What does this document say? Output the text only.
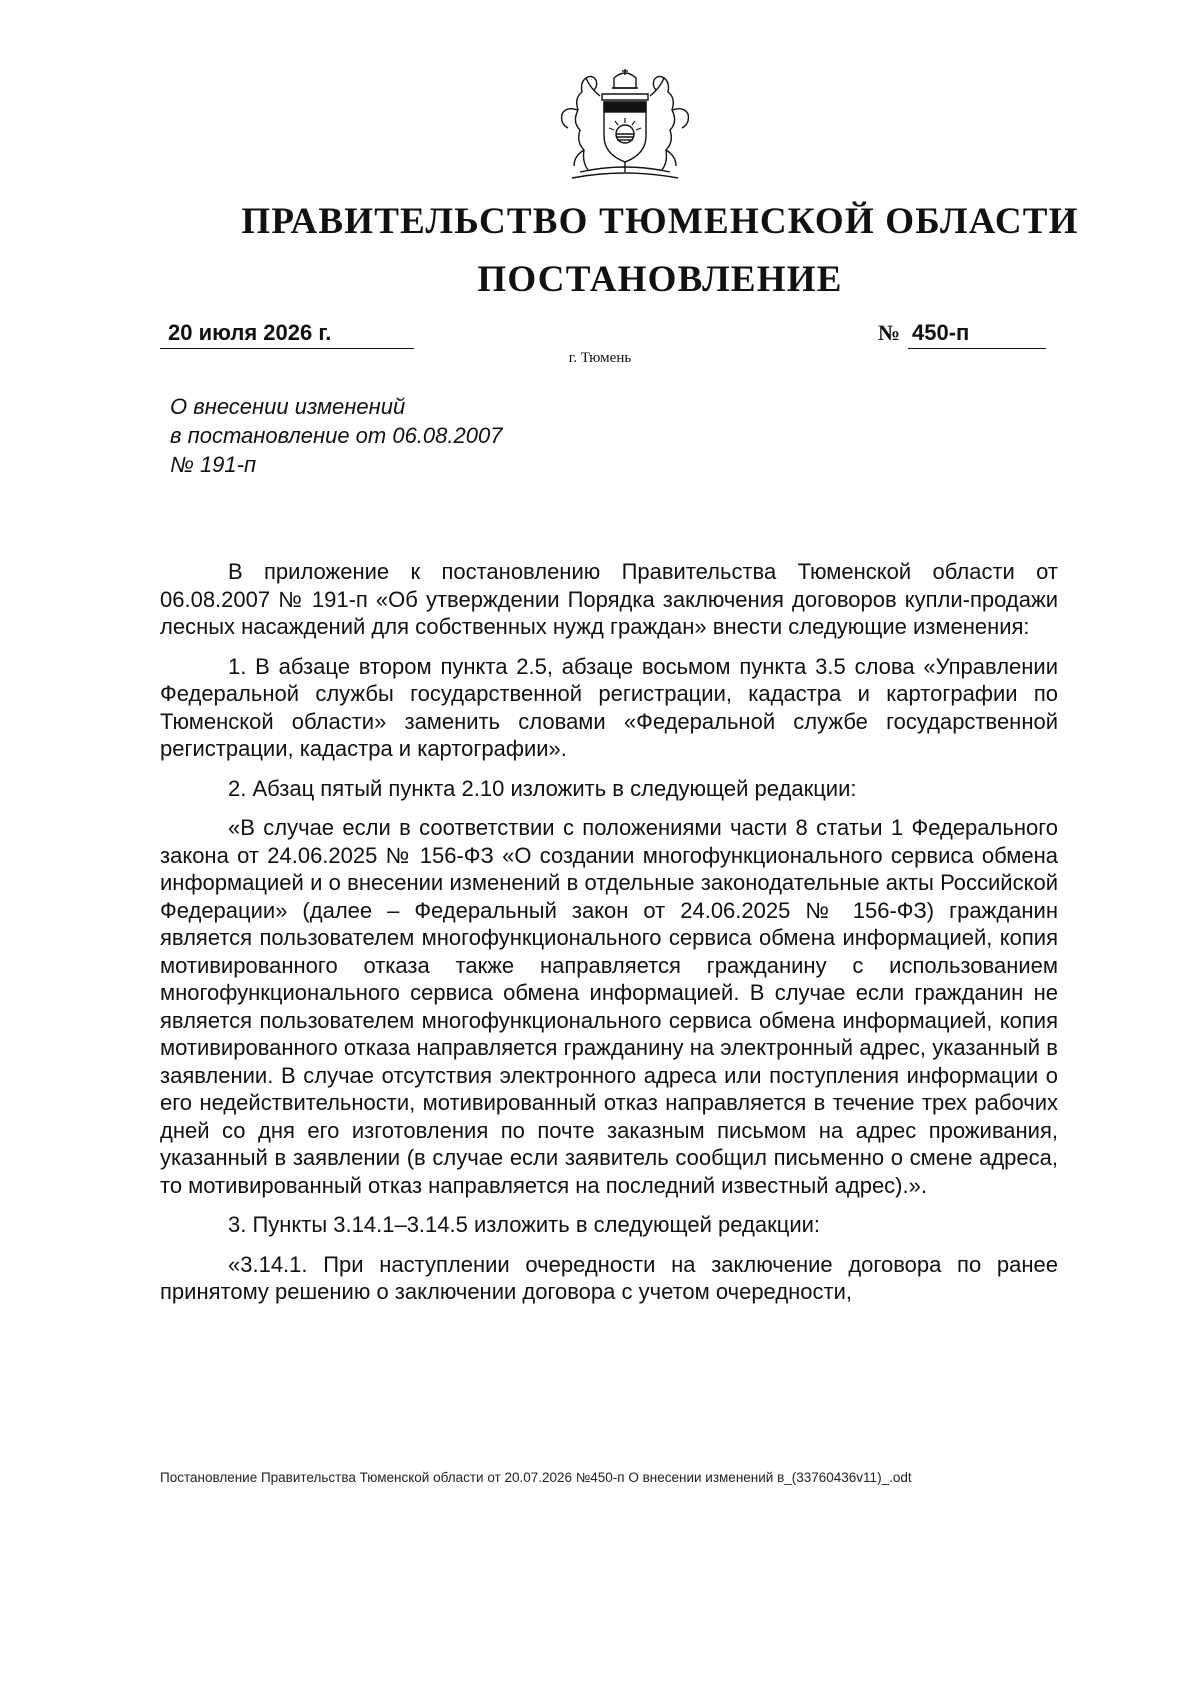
ПРАВИТЕЛЬСТВО ТЮМЕНСКОЙ ОБЛАСТИ
ПОСТАНОВЛЕНИЕ
20 июля 2026 г.	№ 450-п
г. Тюмень
О внесении изменений
в постановление от 06.08.2007
№ 191-п

В приложение к постановлению Правительства Тюменской области от 06.08.2007 № 191-п «Об утверждении Порядка заключения договоров купли-продажи лесных насаждений для собственных нужд граждан» внести следующие изменения:

1. В абзаце втором пункта 2.5, абзаце восьмом пункта 3.5 слова «Управлении Федеральной службы государственной регистрации, кадастра и картографии по Тюменской области» заменить словами «Федеральной службе государственной регистрации, кадастра и картографии».

2. Абзац пятый пункта 2.10 изложить в следующей редакции:

«В случае если в соответствии с положениями части 8 статьи 1 Федерального закона от 24.06.2025 № 156-ФЗ «О создании многофункционального сервиса обмена информацией и о внесении изменений в отдельные законодательные акты Российской Федерации» (далее – Федеральный закон от 24.06.2025 № 156-ФЗ) гражданин является пользователем многофункционального сервиса обмена информацией, копия мотивированного отказа также направляется гражданину с использованием многофункционального сервиса обмена информацией. В случае если гражданин не является пользователем многофункционального сервиса обмена информацией, копия мотивированного отказа направляется гражданину на электронный адрес, указанный в заявлении. В случае отсутствия электронного адреса или поступления информации о его недействительности, мотивированный отказ направляется в течение трех рабочих дней со дня его изготовления по почте заказным письмом на адрес проживания, указанный в заявлении (в случае если заявитель сообщил письменно о смене адреса, то мотивированный отказ направляется на последний известный адрес).».

3. Пункты 3.14.1–3.14.5 изложить в следующей редакции:

«3.14.1. При наступлении очередности на заключение договора по ранее принятому решению о заключении договора с учетом очередности,

Постановление Правительства Тюменской области от 20.07.2026 №450-п О внесении изменений в_(33760436v11)_.odt
